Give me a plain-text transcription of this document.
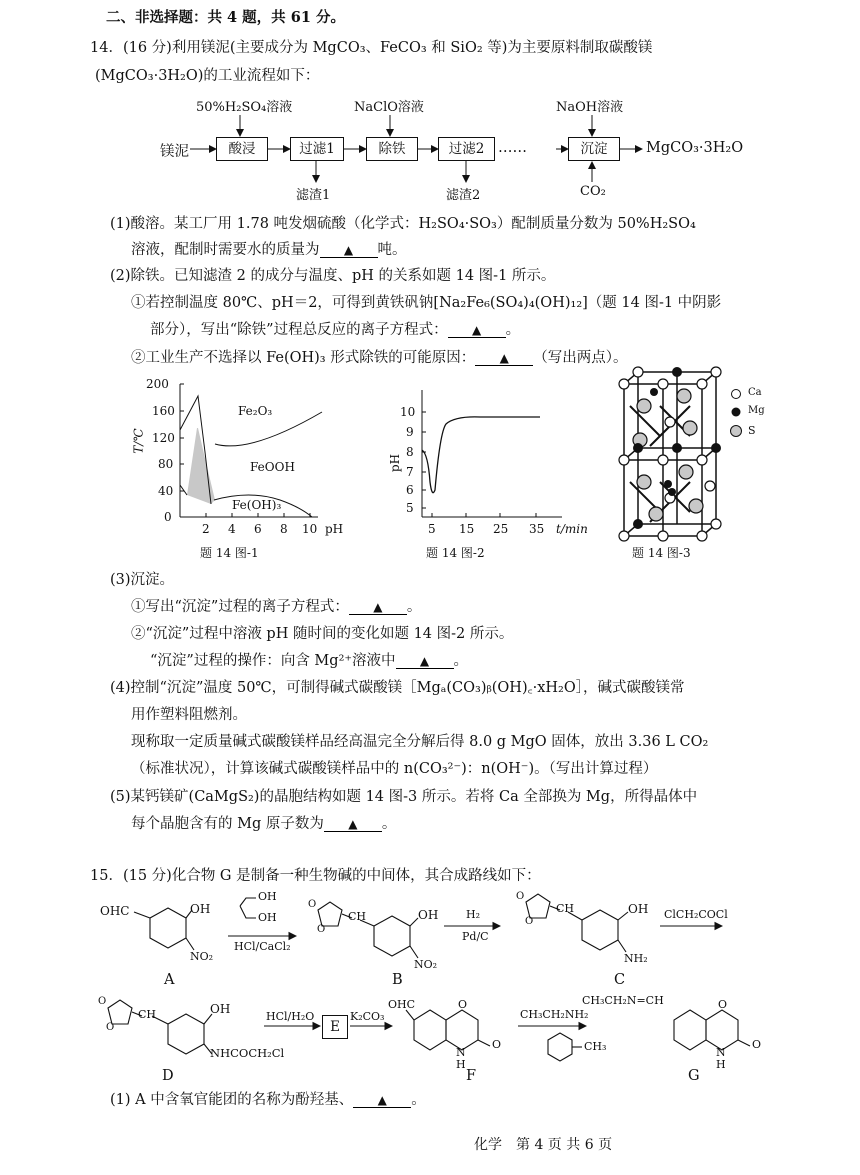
二、非选择题：共 4 题，共 61 分。
14．(16 分)利用镁泥(主要成分为 MgCO₃、FeCO₃ 和 SiO₂ 等)为主要原料制取碳酸镁
(MgCO₃·3H₂O)的工业流程如下：
镁泥	酸浸	过滤1	除铁	过滤2 ……	沉淀	MgCO₃·3H₂O
50%H₂SO₄溶液	NaClO溶液	NaOH溶液
滤渣1	滤渣2	CO₂
(1)酸溶。某工厂用 1.78 吨发烟硫酸（化学式：H₂SO₄·SO₃）配制质量分数为 50%H₂SO₄
溶液，配制时需要水的质量为 ▲ 吨。
(2)除铁。已知滤渣 2 的成分与温度、pH 的关系如题 14 图-1 所示。
①若控制温度 80℃、pH＝2，可得到黄铁矾钠[Na₂Fe₆(SO₄)₄(OH)₁₂]（题 14 图-1 中阴影
部分），写出“除铁”过程总反应的离子方程式： ▲ 。
②工业生产不选择以 Fe(OH)₃ 形式除铁的可能原因： ▲ （写出两点）。
200
160
120
80
40
0
2 4 6 8 10 pH
T/℃
Fe₂O₃
FeOOH
Fe(OH)₃
题 14 图-1
10
9
8
7
6
5
5 15 25 35 t/min
pH
题 14 图-2
Ca
Mg
S
题 14 图-3
(3)沉淀。
①写出“沉淀”过程的离子方程式： ▲ 。
②“沉淀”过程中溶液 pH 随时间的变化如题 14 图-2 所示。
“沉淀”过程的操作：向含 Mg²⁺溶液中 ▲ 。
(4)控制“沉淀”温度 50℃，可制得碱式碳酸镁［Mgₐ(CO₃)ᵦ(OH)꜀·xH₂O］，碱式碳酸镁常
用作塑料阻燃剂。
现称取一定质量碱式碳酸镁样品经高温完全分解后得 8.0 g MgO 固体，放出 3.36 L CO₂
（标准状况），计算该碱式碳酸镁样品中的 n(CO₃²⁻)：n(OH⁻)。（写出计算过程）
(5)某钙镁矿(CaMgS₂)的晶胞结构如题 14 图-3 所示。若将 Ca 全部换为 Mg，所得晶体中
每个晶胞含有的 Mg 原子数为 ▲ 。
15．(15 分)化合物 G 是制备一种生物碱的中间体，其合成路线如下：
E
OHC	OH
NO₂
OH
OH
HCl/CaCl₂
O
O
CH	OH
NO₂
H₂
Pd/C
O
O
CH	OH
NH₂
ClCH₂COCl
O
O
CH	OH
NHCOCH₂Cl
HCl/H₂O	K₂CO₃
OHC	O
O
N
H
CH₃CH₂NH₂
CH₃
CH₃CH₂N=CH	O
O
N
H
A	B	C
D	F	G
(1) A 中含氧官能团的名称为酚羟基、 ▲ 。
化学　第 4 页 共 6 页
